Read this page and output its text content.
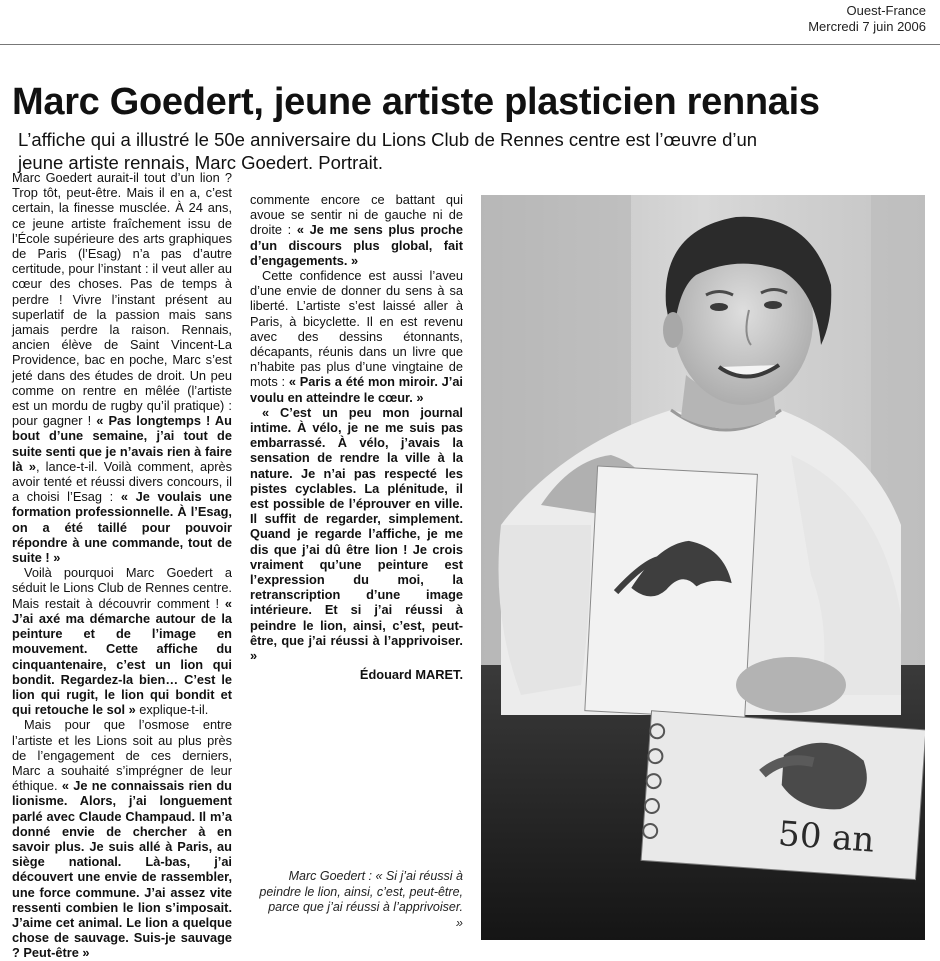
Ouest-France
Mercredi 7 juin 2006
Marc Goedert, jeune artiste plasticien rennais
L’affiche qui a illustré le 50e anniversaire du Lions Club de Rennes centre est l’œuvre d’un jeune artiste rennais, Marc Goedert. Portrait.

Marc Goedert aurait-il tout d’un lion ? Trop tôt, peut-être. Mais il en a, c’est certain, la finesse musclée. À 24 ans, ce jeune artiste fraîchement issu de l’École supérieure des arts graphiques de Paris (l’Esag) n’a pas d’autre certitude, pour l’instant : il veut aller au cœur des choses. Pas de temps à perdre ! Vivre l’instant présent au superlatif de la passion mais sans jamais perdre la raison. Rennais, ancien élève de Saint Vincent-La Providence, bac en poche, Marc s’est jeté dans des études de droit. Un peu comme on rentre en mêlée (l’artiste est un mordu de rugby qu’il pratique) : pour gagner ! « Pas longtemps ! Au bout d’une semaine, j’ai tout de suite senti que je n’avais rien à faire là », lance-t-il. Voilà comment, après avoir tenté et réussi divers concours, il a choisi l’Esag : « Je voulais une formation professionnelle. À l’Esag, on a été taillé pour pouvoir répondre à une commande, tout de suite ! »

Voilà pourquoi Marc Goedert a séduit le Lions Club de Rennes centre. Mais restait à découvrir comment ! « J’ai axé ma démarche autour de la peinture et de l’image en mouvement. Cette affiche du cinquantenaire, c’est un lion qui bondit. Regardez-la bien… C’est le lion qui rugit, le lion qui bondit et qui retouche le sol » explique-t-il.

Mais pour que l’osmose entre l’artiste et les Lions soit au plus près de l’engagement de ces derniers, Marc a souhaité s’imprégner de leur éthique. « Je ne connaissais rien du lionisme. Alors, j’ai longuement parlé avec Claude Champaud. Il m’a donné envie de chercher à en savoir plus. Je suis allé à Paris, au siège national. Là-bas, j’ai découvert une envie de rassembler, une force commune. J’ai assez vite ressenti combien le lion s’imposait. J’aime cet animal. Le lion a quelque chose de sauvage. Suis-je sauvage ? Peut-être »

commente encore ce battant qui avoue se sentir ni de gauche ni de droite : « Je me sens plus proche d’un discours plus global, fait d’engagements. »

Cette confidence est aussi l’aveu d’une envie de donner du sens à sa liberté. L’artiste s’est laissé aller à Paris, à bicyclette. Il en est revenu avec des dessins étonnants, décapants, réunis dans un livre que n’habite pas plus d’une vingtaine de mots : « Paris a été mon miroir. J’ai voulu en atteindre le cœur. »

« C’est un peu mon journal intime. À vélo, je ne me suis pas embarrassé. À vélo, j’avais la sensation de rendre la ville à la nature. Je n’ai pas respecté les pistes cyclables. La plénitude, il est possible de l’éprouver en ville. Il suffit de regarder, simplement. Quand je regarde l’affiche, je me dis que j’ai dû être lion ! Je crois vraiment qu’une peinture est l’expression du moi, la retranscription d’une image intérieure. Et si j’ai réussi à peindre le lion, ainsi, c’est, peut-être, que j’ai réussi à l’apprivoiser. »

Édouard MARET.

Marc Goedert : « Si j’ai réussi à peindre le lion, ainsi, c’est, peut-être, parce que j’ai réussi à l’apprivoiser. »
50 an
